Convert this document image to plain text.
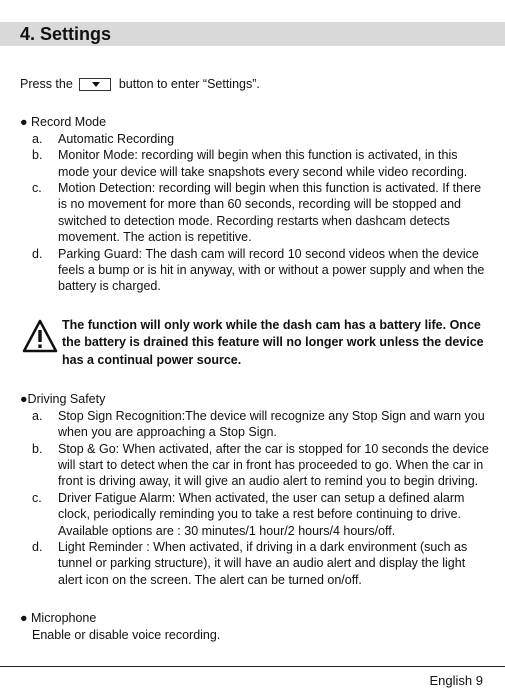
4. Settings

Press the	button to enter “Settings”.

● Record Mode

a.	Automatic Recording
b.	Monitor Mode: recording will begin when this function is activated, in this mode your device will take snapshots every second while video recording.
c.	Motion Detection: recording will begin when this function is activated. If there is no movement for more than 60 seconds, recording will be stopped and switched to detection mode. Recording restarts when dashcam detects movement. The action is repetitive.
d.	Parking Guard: The dash cam will record 10 second videos when the device feels a bump or is hit in anyway, with or without a power supply and when the battery is charged.
The function will only work while the dash cam has a battery life. Once the battery is drained this feature will no longer work unless the device has a continual power source.

●Driving Safety

a.	Stop Sign Recognition:The device will recognize any Stop Sign and warn you when you are approaching a Stop Sign.
b.	Stop & Go: When activated, after the car is stopped for 10 seconds the device will start to detect when the car in front has proceeded to go. When the car in front is driving away, it will give an audio alert to remind you to begin driving.
c.	Driver Fatigue Alarm: When activated, the user can setup a defined alarm clock, periodically reminding you to take a rest before continuing to drive. Available options are : 30 minutes/1 hour/2 hours/4 hours/off.
d.	Light Reminder : When activated, if driving in a dark environment (such as tunnel or parking structure), it will have an audio alert and display the light alert icon on the screen. The alert can be turned on/off.

● Microphone

Enable or disable voice recording.

English 9
